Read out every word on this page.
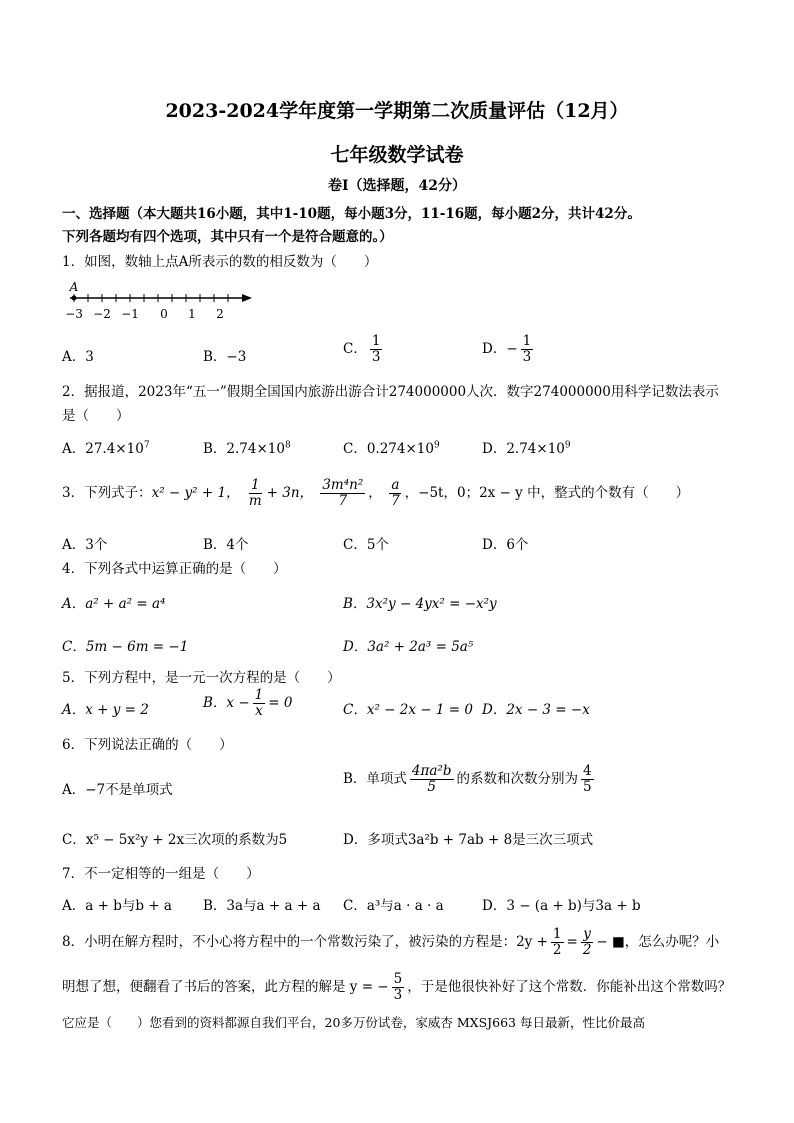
2023-2024学年度第一学期第二次质量评估（12月）
七年级数学试卷
卷Ⅰ（选择题，42分）
一、选择题（本大题共16小题，其中1-10题，每小题3分，11-16题，每小题2分，共计42分。
下列各题均有四个选项，其中只有一个是符合题意的。）
1．如图，数轴上点A所表示的数的相反数为（　　）
A
−3 −2 −1 0 1 2
A．3	B．−3
C． $\frac{1}{3}$	D．− $\frac{1}{3}$
2．据报道，2023年“五一”假期全国国内旅游出游合计274000000人次．数字274000000用科学记数法表示
是（　　）
A．$27.4\times 10^7$	B．$2.74\times 10^8$	C．$0.274\times 10^9$	D．$2.74\times 10^9$
3．下列式子：x² − y² + 1， $\frac{1}{m} + 3n$， $\frac{\text{3m⁴n²}}{7}$ ， $\frac{a}{7}$ ，−5t，0；2x − y 中，整式的个数有（　　）
A．3个	B．4个	C．5个	D．6个
4．下列各式中运算正确的是（　　）
A．a² + a² = a⁴	B．3x²y − 4yx² = −x²y
C．5m − 6m = −1	D．3a² + 2a³ = 5a⁵
5．下列方程中，是一元一次方程的是（　　）
A．x + y = 2	B．$x - \frac{1}{x} = 0$	C．x² − 2x − 1 = 0 D．2x − 3 = −x
6．下列说法正确的（　　）
A．−7不是单项式
B．单项式 $\frac{\text{4πa²b}}{5}$ 的系数和次数分别为 $\frac{4}{5}$
C．x⁵ − 5x²y + 2x三次项的系数为5	D．多项式3a²b + 7ab + 8是三次三项式
7．不一定相等的一组是（　　）
A．a + b与b + a B．3a与a + a + a C．a³与a · a · a	D．3 − (a + b)与3a + b
8．小明在解方程时，不小心将方程中的一个常数污染了，被污染的方程是：$2y + \frac{1}{2} = \frac{y}{2}$ − ■，怎么办呢？小
明想了想，便翻看了书后的答案，此方程的解是 y = − $\frac{5}{3}$ ，于是他很快补好了这个常数．你能补出这个常数吗？
它应是（　　）您看到的资料都源自我们平台，20多万份试卷，家威杏 MXSJ663 每日最新，性比价最高
